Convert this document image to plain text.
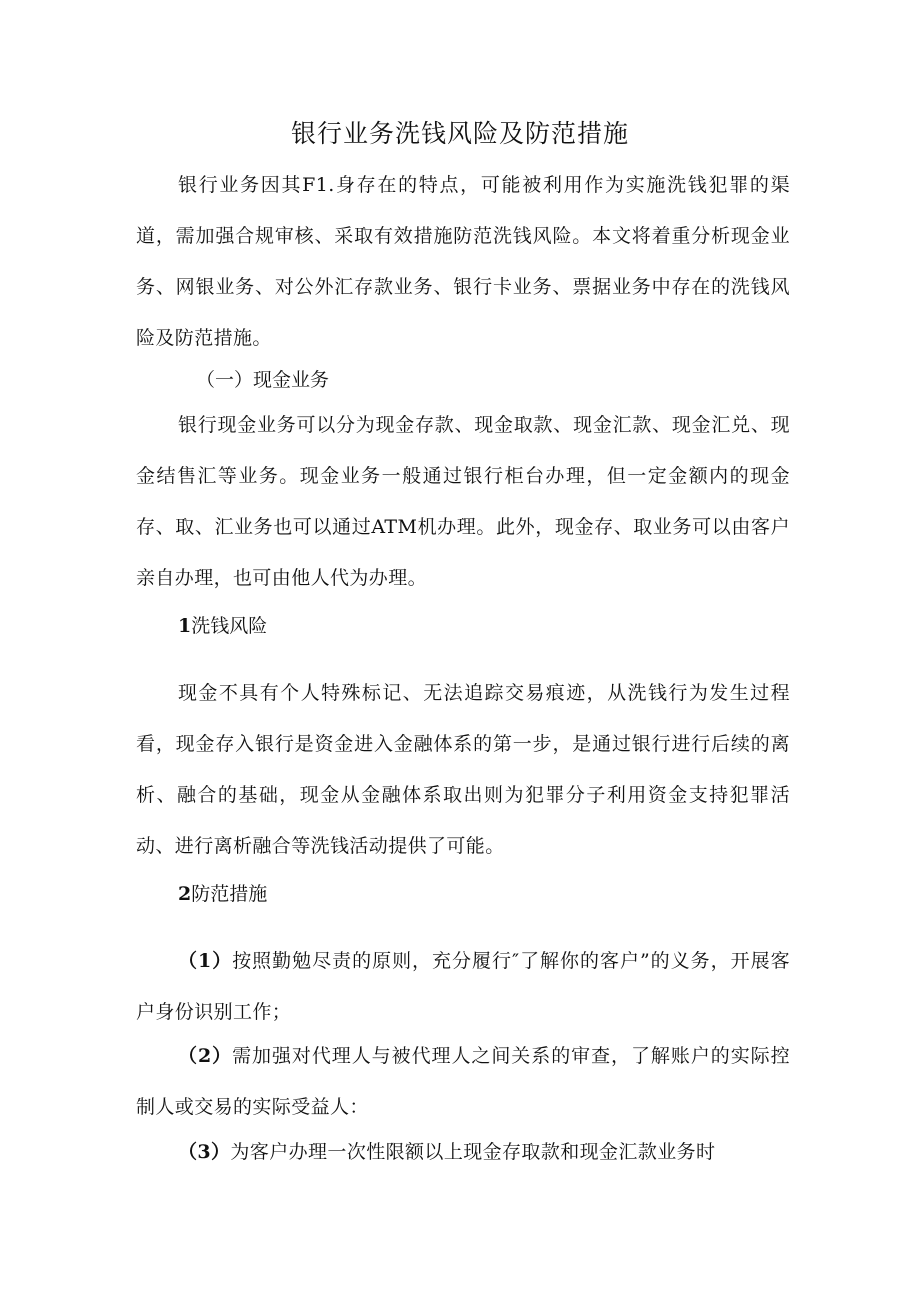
银行业务洗钱风险及防范措施

银行业务因其F1.身存在的特点，可能被利用作为实施洗钱犯罪的渠道，需加强合规审核、采取有效措施防范洗钱风险。本文将着重分析现金业务、网银业务、对公外汇存款业务、银行卡业务、票据业务中存在的洗钱风险及防范措施。

（一）现金业务

银行现金业务可以分为现金存款、现金取款、现金汇款、现金汇兑、现金结售汇等业务。现金业务一般通过银行柜台办理，但一定金额内的现金存、取、汇业务也可以通过ATM机办理。此外，现金存、取业务可以由客户亲自办理，也可由他人代为办理。

1洗钱风险

现金不具有个人特殊标记、无法追踪交易痕迹，从洗钱行为发生过程看，现金存入银行是资金进入金融体系的第一步，是通过银行进行后续的离析、融合的基础，现金从金融体系取出则为犯罪分子利用资金支持犯罪活动、进行离析融合等洗钱活动提供了可能。

2防范措施

（1）按照勤勉尽责的原则，充分履行″了解你的客户”的义务，开展客户身份识别工作；

（2）需加强对代理人与被代理人之间关系的审查，了解账户的实际控制人或交易的实际受益人：

（3）为客户办理一次性限额以上现金存取款和现金汇款业务时
